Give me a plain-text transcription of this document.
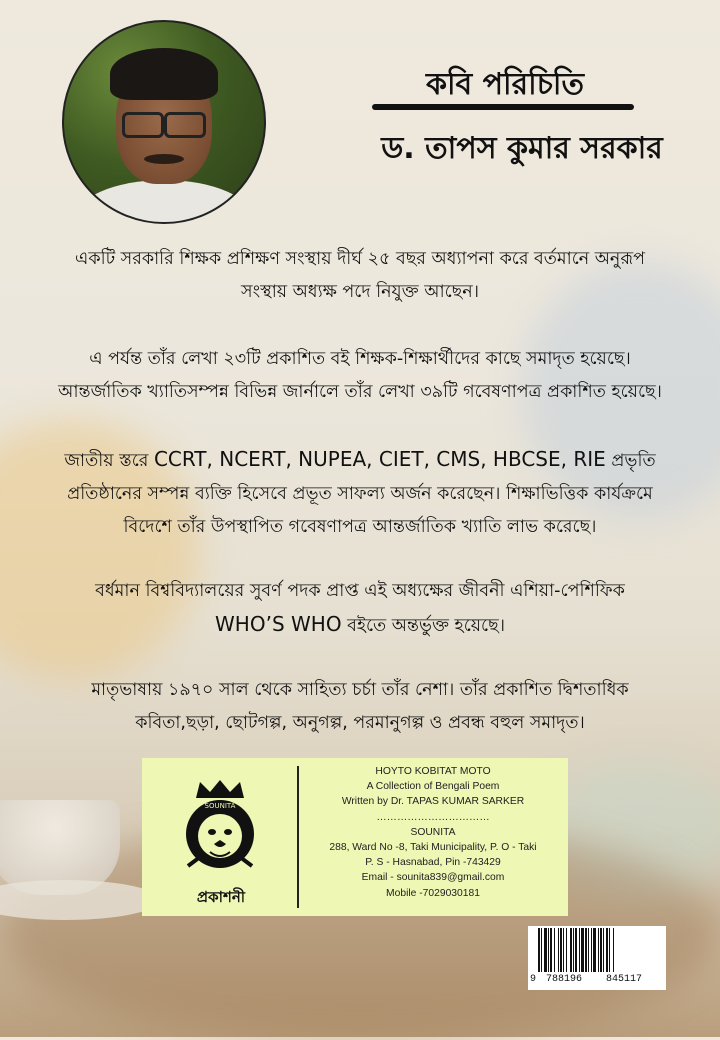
কবি পরিচিতি
ড. তাপস কুমার সরকার
একটি সরকারি শিক্ষক প্রশিক্ষণ সংস্থায় দীর্ঘ ২৫ বছর অধ্যাপনা করে বর্তমানে অনুরূপ
সংস্থায় অধ্যক্ষ পদে নিযুক্ত আছেন।
এ পর্যন্ত তাঁর লেখা ২৩টি প্রকাশিত বই শিক্ষক-শিক্ষার্থীদের কাছে সমাদৃত হয়েছে।
আন্তর্জাতিক খ্যাতিসম্পন্ন বিভিন্ন জার্নালে তাঁর লেখা ৩৯টি গবেষণাপত্র প্রকাশিত হয়েছে।
জাতীয় স্তরে CCRT, NCERT, NUPEA, CIET, CMS, HBCSE, RIE প্রভৃতি
প্রতিষ্ঠানের সম্পন্ন ব্যক্তি হিসেবে প্রভূত সাফল্য অর্জন করেছেন। শিক্ষাভিত্তিক কার্যক্রমে
বিদেশে তাঁর উপস্থাপিত গবেষণাপত্র আন্তর্জাতিক খ্যাতি লাভ করেছে।
বর্ধমান বিশ্ববিদ্যালয়ের সুবর্ণ পদক প্রাপ্ত এই অধ্যক্ষের জীবনী এশিয়া-পেশিফিক
WHO’S WHO বইতে অন্তর্ভুক্ত হয়েছে।
মাতৃভাষায় ১৯৭০ সাল থেকে সাহিত্য চর্চা তাঁর নেশা। তাঁর প্রকাশিত দ্বিশতাধিক
কবিতা,ছড়া, ছোটগল্প, অনুগল্প, পরমানুগল্প ও প্রবন্ধ বহুল সমাদৃত।
SOUNITA
প্রকাশনী
HOYTO KOBITAT MOTO
A Collection of Bengali Poem
Written by Dr. TAPAS KUMAR SARKER
……………………………
SOUNITA
288, Ward No -8, Taki Municipality, P. O - Taki
P. S - Hasnabad, Pin -743429
Email - sounita839@gmail.com
Mobile -7029030181
9 788196 845117
